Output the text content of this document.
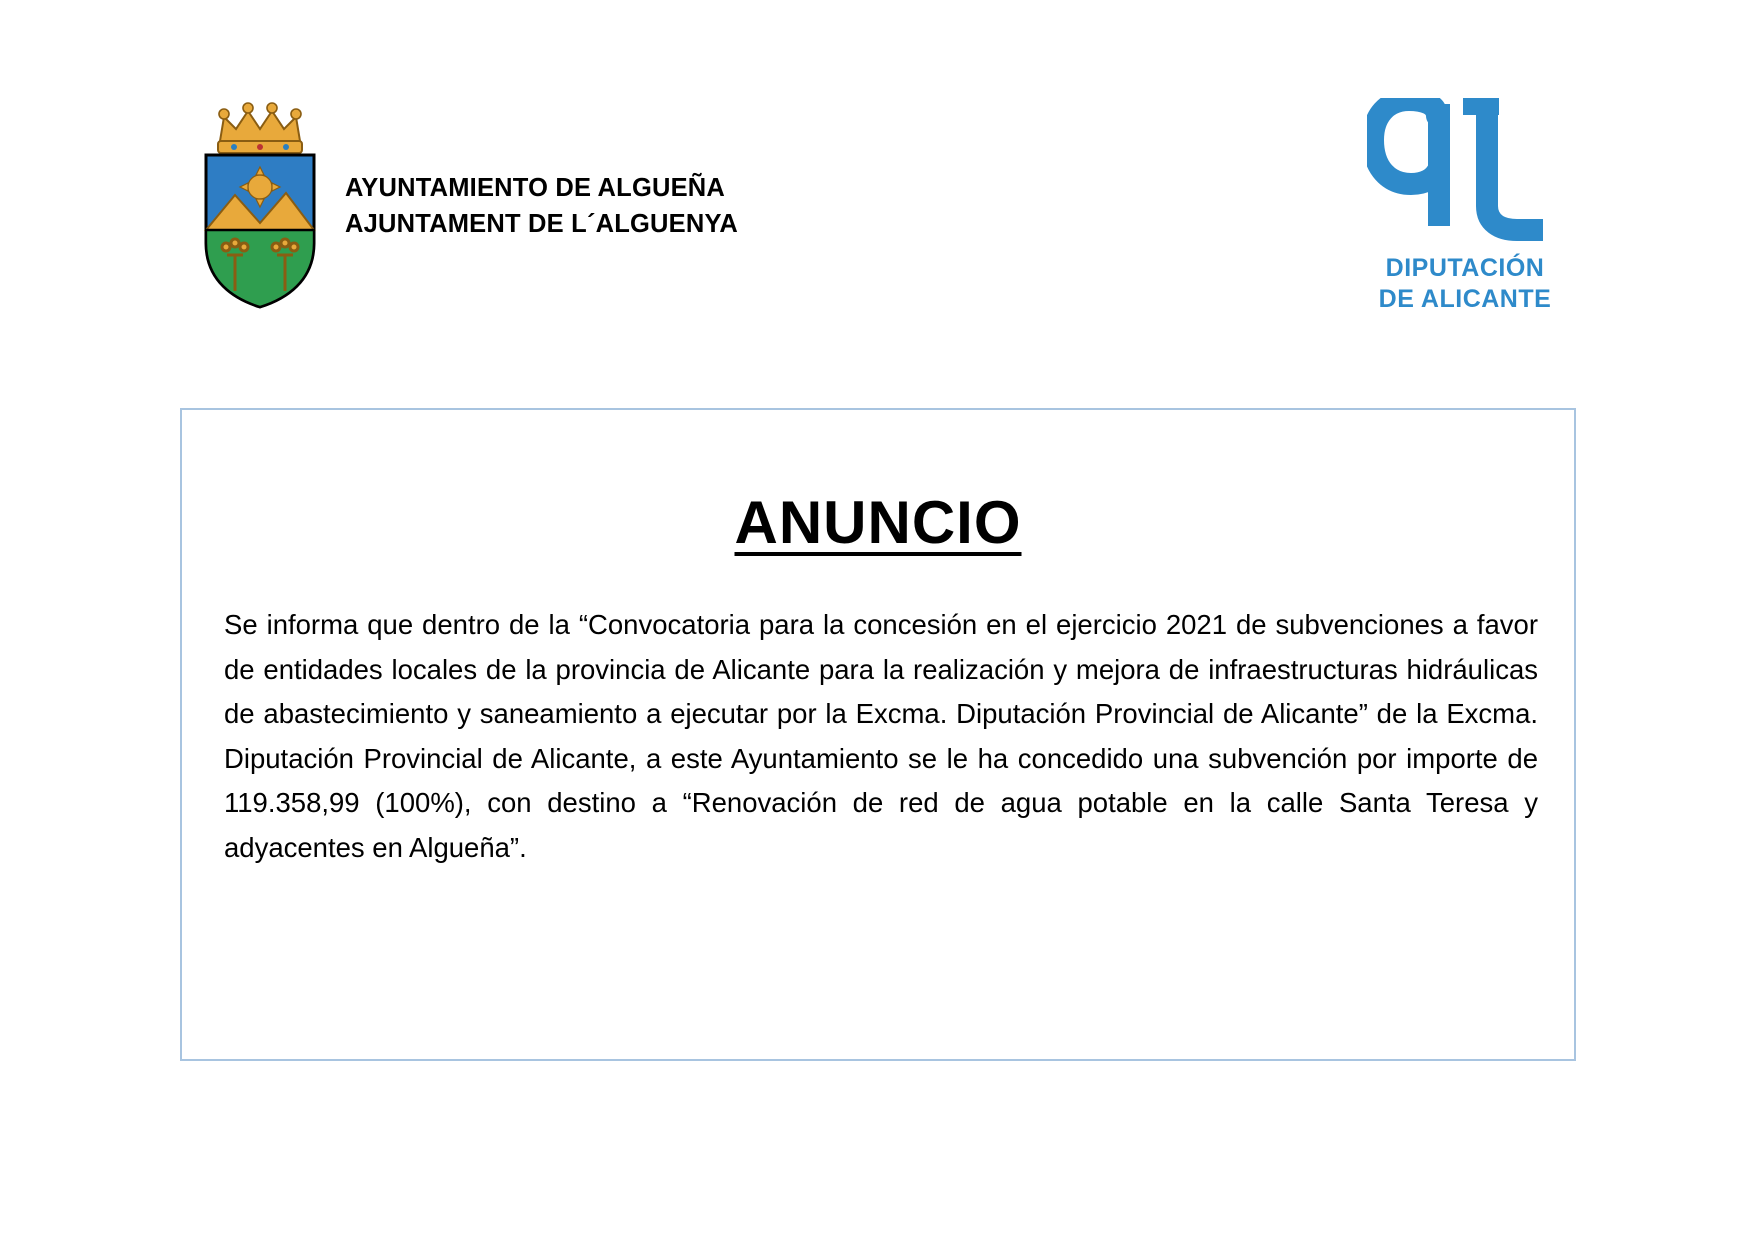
AYUNTAMIENTO DE ALGUEÑA
AJUNTAMENT DE L´ALGUENYA
DIPUTACIÓN
DE ALICANTE
ANUNCIO

Se informa que dentro de la “Convocatoria para la concesión en el ejercicio 2021 de subvenciones a favor de entidades locales de la provincia de Alicante para la realización y mejora de infraestructuras hidráulicas de abastecimiento y saneamiento a ejecutar por la Excma. Diputación Provincial de Alicante” de la Excma. Diputación Provincial de Alicante, a este Ayuntamiento se le ha concedido una subvención por importe de 119.358,99 (100%), con destino a “Renovación de red de agua potable en la calle Santa Teresa y adyacentes en Algueña”.
